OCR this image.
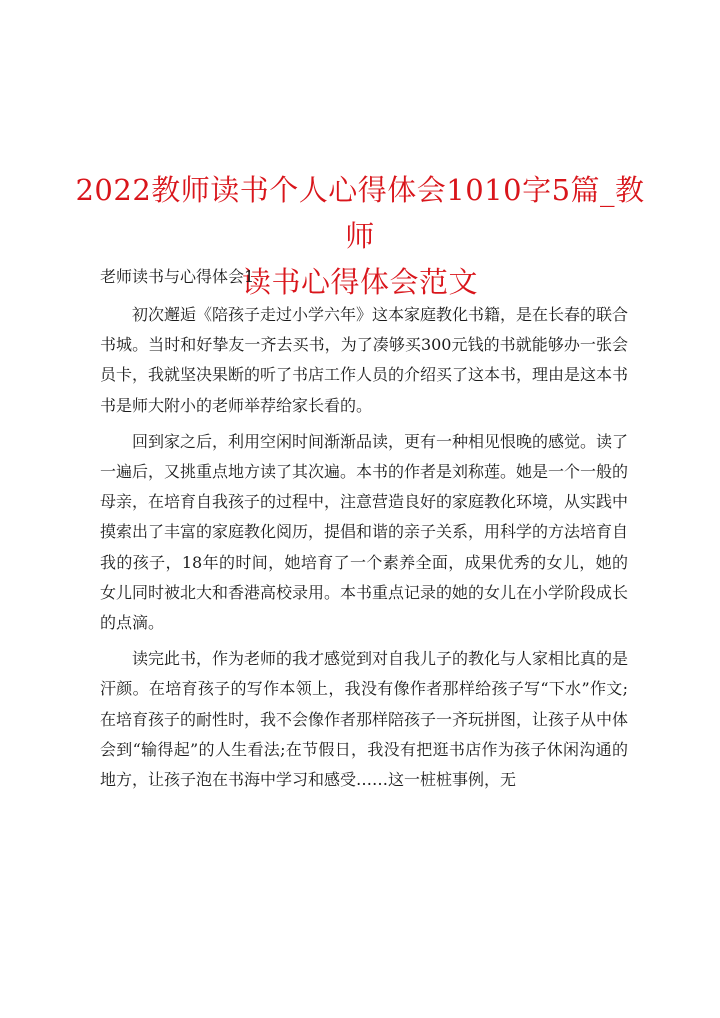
2022教师读书个人心得体会1010字5篇_教师
读书心得体会范文
老师读书与心得体会1

初次邂逅《陪孩子走过小学六年》这本家庭教化书籍，是在长春的联合书城。当时和好挚友一齐去买书，为了凑够买300元钱的书就能够办一张会员卡，我就坚决果断的听了书店工作人员的介绍买了这本书，理由是这本书书是师大附小的老师举荐给家长看的。

回到家之后，利用空闲时间渐渐品读，更有一种相见恨晚的感觉。读了一遍后，又挑重点地方读了其次遍。本书的作者是刘称莲。她是一个一般的母亲，在培育自我孩子的过程中，注意营造良好的家庭教化环境，从实践中摸索出了丰富的家庭教化阅历，提倡和谐的亲子关系，用科学的方法培育自我的孩子，18年的时间，她培育了一个素养全面，成果优秀的女儿，她的女儿同时被北大和香港高校录用。本书重点记录的她的女儿在小学阶段成长的点滴。

读完此书，作为老师的我才感觉到对自我儿子的教化与人家相比真的是汗颜。在培育孩子的写作本领上，我没有像作者那样给孩子写“下水”作文;在培育孩子的耐性时，我不会像作者那样陪孩子一齐玩拼图，让孩子从中体会到“输得起”的人生看法;在节假日，我没有把逛书店作为孩子休闲沟通的地方，让孩子泡在书海中学习和感受……这一桩桩事例，无
